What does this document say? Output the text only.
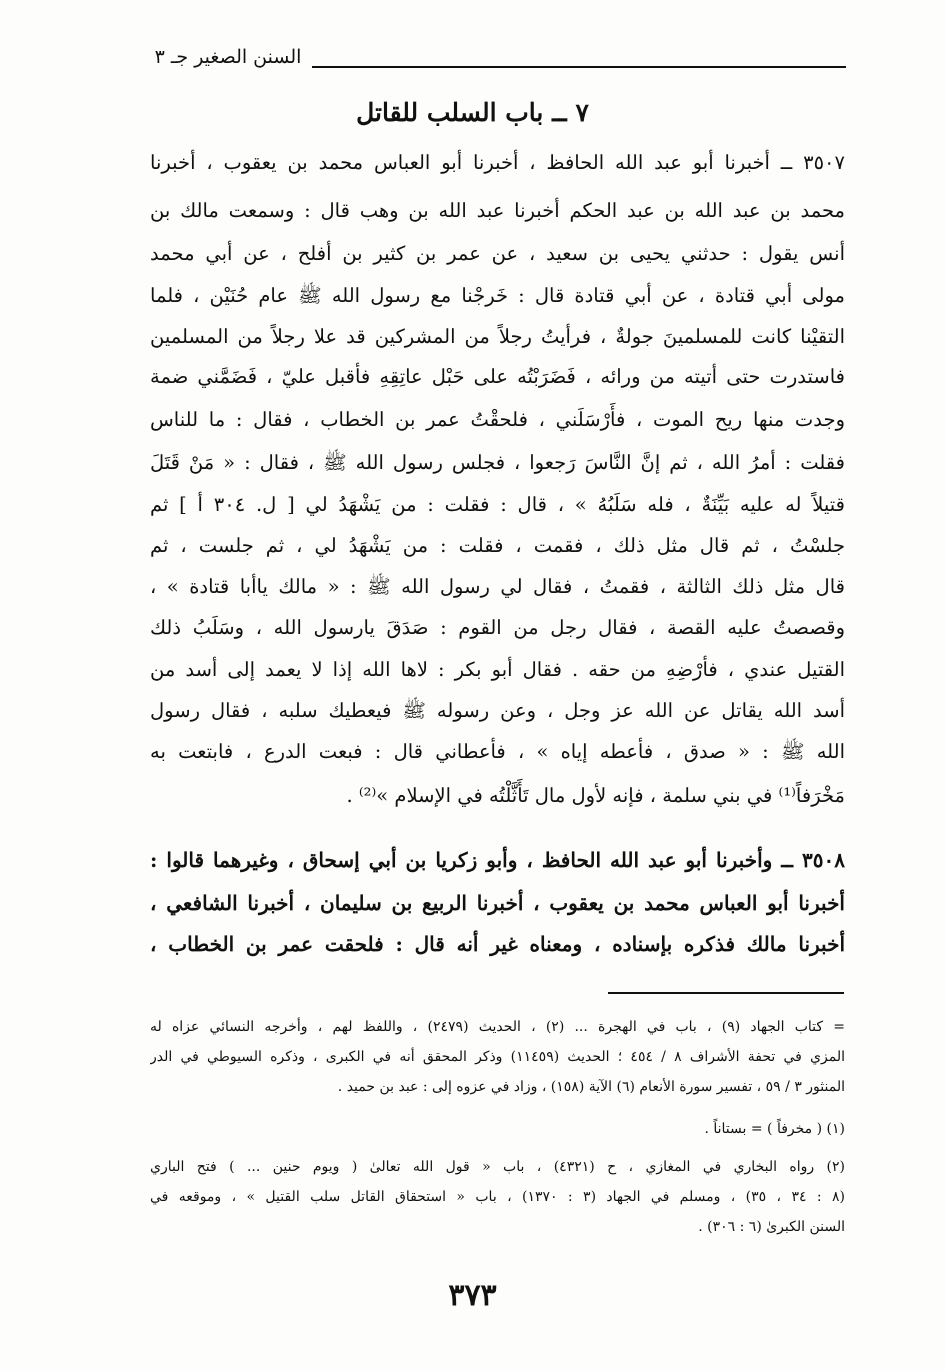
السنن الصغير جـ ٣
٧ ــ باب السلب للقاتل
٣٥٠٧ ــ أخبرنا أبو عبد الله الحافظ ، أخبرنا أبو العباس محمد بن يعقوب ، أخبرنا
محمد بن عبد الله بن عبد الحكم أخبرنا عبد الله بن وهب قال : وسمعت مالك بن
أنس يقول : حدثني يحيى بن سعيد ، عن عمر بن كثير بن أفلح ، عن أبي محمد
مولى أبي قتادة ، عن أبي قتادة قال : خَرجْنا مع رسول الله ﷺ عام حُنَيْن ، فلما
التقيْنا كانت للمسلمينَ جولةٌ ، فرأيتُ رجلاً من المشركين قد علا رجلاً من المسلمين
فاستدرت حتى أتيته من ورائه ، فَضَرَبْتُه على حَبْل عاتِقِهِ فأقبل عليّ ، فَضَمَّني ضمة
وجدت منها ريح الموت ، فأَرْسَلَني ، فلحقْتُ عمر بن الخطاب ، فقال : ما للناس
فقلت : أمرُ الله ، ثم إنَّ النَّاسَ رَجعوا ، فجلس رسول الله ﷺ ، فقال : « مَنْ قَتَلَ
قتيلاً له عليه بَيِّنَةٌ ، فله سَلَبُهُ » ، قال : فقلت : من يَشْهَدُ لي [ ل. ٣٠٤ أ ] ثم
جلسْتُ ، ثم قال مثل ذلك ، فقمت ، فقلت : من يَشْهَدُ لي ، ثم جلست ، ثم
قال مثل ذلك الثالثة ، فقمتُ ، فقال لي رسول الله ﷺ : « مالك ياأبا قتادة » ،
وقصصتُ عليه القصة ، فقال رجل من القوم : صَدَقَ يارسول الله ، وسَلَبُ ذلك
القتيل عندي ، فأرْضِهِ من حقه . فقال أبو بكر : لاها الله إذا لا يعمد إلى أسد من
أسد الله يقاتل عن الله عز وجل ، وعن رسوله ﷺ فيعطيك سلبه ، فقال رسول
الله ﷺ : « صدق ، فأعطه إياه » ، فأعطاني قال : فبعت الدرع ، فابتعت به
مَخْرَفاً⁽¹⁾ في بني سلمة ، فإنه لأول مال تَأَثَّلْتُه في الإسلام »⁽²⁾ .
٣٥٠٨ ــ وأخبرنا أبو عبد الله الحافظ ، وأبو زكريا بن أبي إسحاق ، وغيرهما قالوا :
أخبرنا أبو العباس محمد بن يعقوب ، أخبرنا الربيع بن سليمان ، أخبرنا الشافعي ،
أخبرنا مالك فذكره بإسناده ، ومعناه غير أنه قال : فلحقت عمر بن الخطاب ،
= كتاب الجهاد (٩) ، باب في الهجرة ... (٢) ، الحديث (٢٤٧٩) ، واللفظ لهم ، وأخرجه النسائي عزاه له
المزي في تحفة الأشراف ٨ / ٤٥٤ ؛ الحديث (١١٤٥٩) وذكر المحقق أنه في الكبرى ، وذكره السيوطي في الدر
المنثور ٣ / ٥٩ ، تفسير سورة الأنعام (٦) الآية (١٥٨) ، وزاد في عزوه إلى : عبد بن حميد .
(١) ( مخرفاً ) = بستاناً .
(٢) رواه البخاري في المغازي ، ح (٤٣٢١) ، باب « قول الله تعالىٰ ( ويوم حنين ... ) فتح الباري
(٨ : ٣٤ ، ٣٥) ، ومسلم في الجهاد (٣ : ١٣٧٠) ، باب « استحقاق القاتل سلب القتيل » ، وموقعه في
السنن الكبرىٰ (٦ : ٣٠٦) .
٣٧٣
